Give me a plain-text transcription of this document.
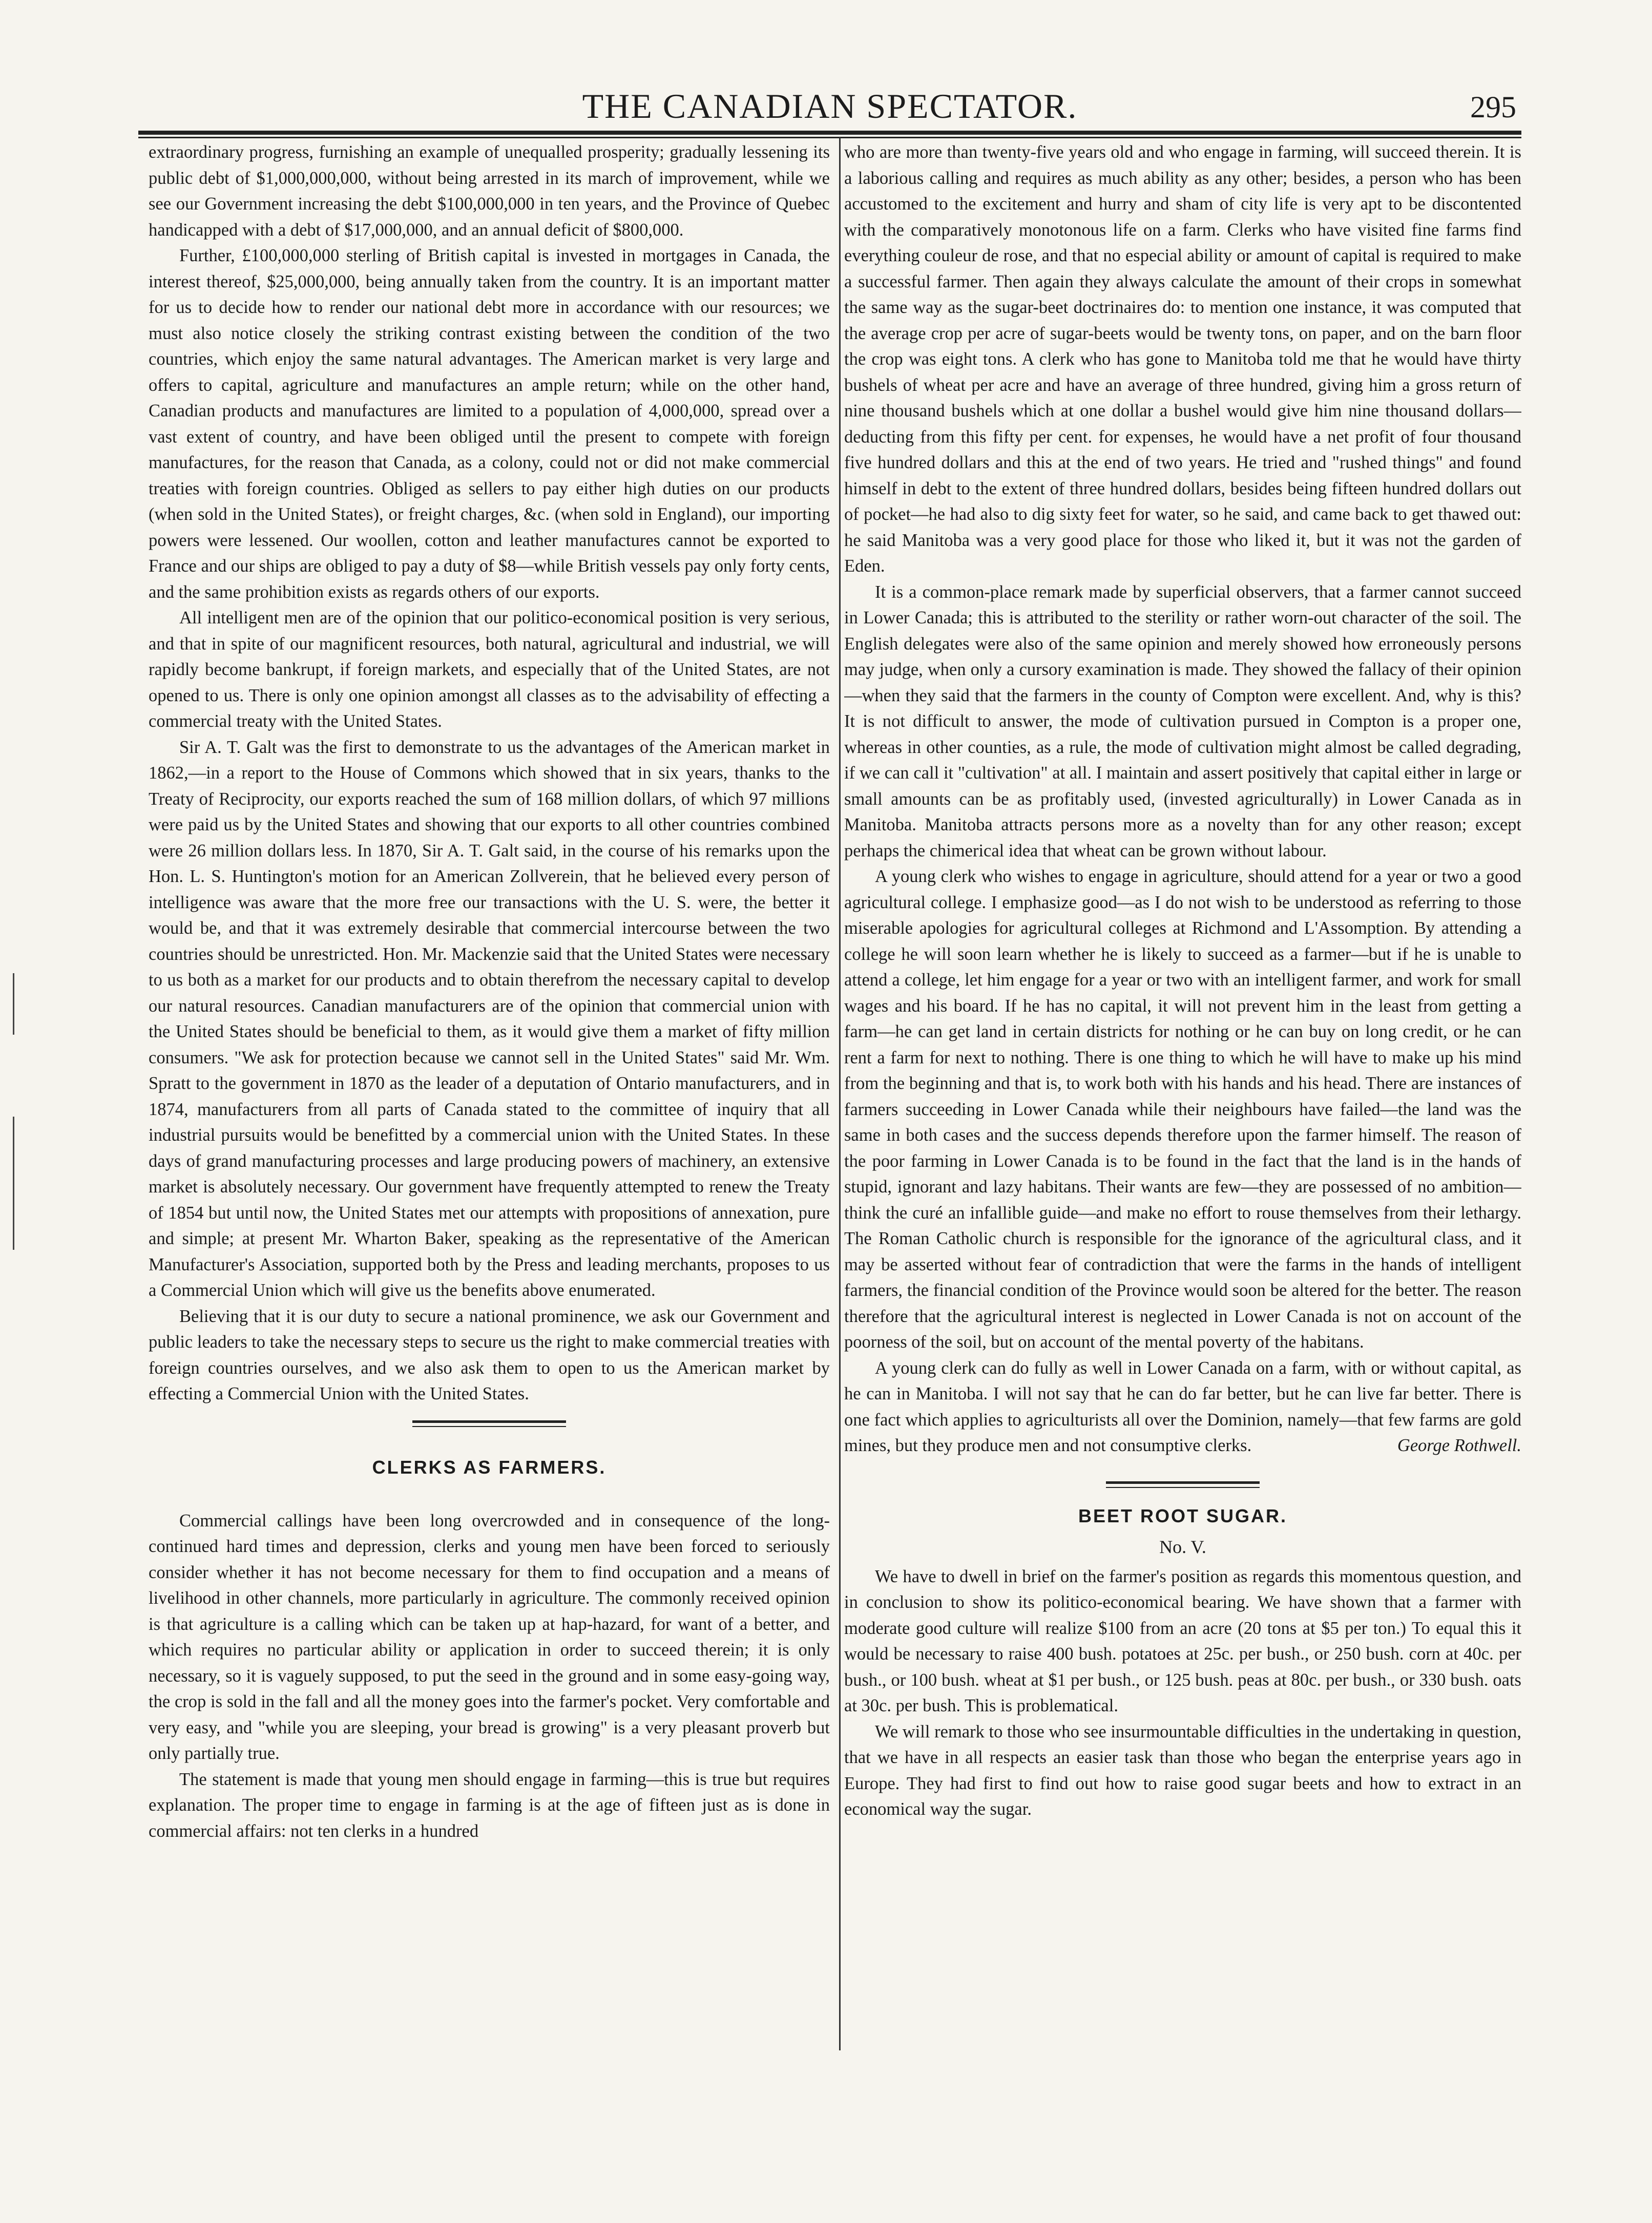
THE CANADIAN SPECTATOR.	295

extraordinary progress, furnishing an example of unequalled prosperity; gradually lessening its public debt of $1,000,000,000, without being arrested in its march of improvement, while we see our Government increasing the debt $100,000,000 in ten years, and the Province of Quebec handicapped with a debt of $17,000,000, and an annual deficit of $800,000.

Further, £100,000,000 sterling of British capital is invested in mortgages in Canada, the interest thereof, $25,000,000, being annually taken from the country. It is an important matter for us to decide how to render our national debt more in accordance with our resources; we must also notice closely the striking contrast existing between the condition of the two countries, which enjoy the same natural advantages. The American market is very large and offers to capital, agriculture and manufactures an ample return; while on the other hand, Canadian products and manufactures are limited to a population of 4,000,000, spread over a vast extent of country, and have been obliged until the present to compete with foreign manufactures, for the reason that Canada, as a colony, could not or did not make commercial treaties with foreign countries. Obliged as sellers to pay either high duties on our products (when sold in the United States), or freight charges, &c. (when sold in England), our importing powers were lessened. Our woollen, cotton and leather manufactures cannot be exported to France and our ships are obliged to pay a duty of $8—while British vessels pay only forty cents, and the same prohibition exists as regards others of our exports.

All intelligent men are of the opinion that our politico-economical position is very serious, and that in spite of our magnificent resources, both natural, agricultural and industrial, we will rapidly become bankrupt, if foreign markets, and especially that of the United States, are not opened to us. There is only one opinion amongst all classes as to the advisability of effecting a commercial treaty with the United States.

Sir A. T. Galt was the first to demonstrate to us the advantages of the American market in 1862,—in a report to the House of Commons which showed that in six years, thanks to the Treaty of Reciprocity, our exports reached the sum of 168 million dollars, of which 97 millions were paid us by the United States and showing that our exports to all other countries combined were 26 million dollars less. In 1870, Sir A. T. Galt said, in the course of his remarks upon the Hon. L. S. Huntington's motion for an American Zollverein, that he believed every person of intelligence was aware that the more free our transactions with the U. S. were, the better it would be, and that it was extremely desirable that commercial intercourse between the two countries should be unrestricted. Hon. Mr. Mackenzie said that the United States were necessary to us both as a market for our products and to obtain therefrom the necessary capital to develop our natural resources. Canadian manufacturers are of the opinion that commercial union with the United States should be beneficial to them, as it would give them a market of fifty million consumers. "We ask for protection because we cannot sell in the United States" said Mr. Wm. Spratt to the government in 1870 as the leader of a deputation of Ontario manufacturers, and in 1874, manufacturers from all parts of Canada stated to the committee of inquiry that all industrial pursuits would be benefitted by a commercial union with the United States. In these days of grand manufacturing processes and large producing powers of machinery, an extensive market is absolutely necessary. Our government have frequently attempted to renew the Treaty of 1854 but until now, the United States met our attempts with propositions of annexation, pure and simple; at present Mr. Wharton Baker, speaking as the representative of the American Manufacturer's Association, supported both by the Press and leading merchants, proposes to us a Commercial Union which will give us the benefits above enumerated.

Believing that it is our duty to secure a national prominence, we ask our Government and public leaders to take the necessary steps to secure us the right to make commercial treaties with foreign countries ourselves, and we also ask them to open to us the American market by effecting a Commercial Union with the United States.

CLERKS AS FARMERS.

Commercial callings have been long overcrowded and in consequence of the long-continued hard times and depression, clerks and young men have been forced to seriously consider whether it has not become necessary for them to find occupation and a means of livelihood in other channels, more particularly in agriculture. The commonly received opinion is that agriculture is a calling which can be taken up at hap-hazard, for want of a better, and which requires no particular ability or application in order to succeed therein; it is only necessary, so it is vaguely supposed, to put the seed in the ground and in some easy-going way, the crop is sold in the fall and all the money goes into the farmer's pocket. Very comfortable and very easy, and "while you are sleeping, your bread is growing" is a very pleasant proverb but only partially true.

The statement is made that young men should engage in farming—this is true but requires explanation. The proper time to engage in farming is at the age of fifteen just as is done in commercial affairs: not ten clerks in a hundred

who are more than twenty-five years old and who engage in farming, will succeed therein. It is a laborious calling and requires as much ability as any other; besides, a person who has been accustomed to the excitement and hurry and sham of city life is very apt to be discontented with the comparatively monotonous life on a farm. Clerks who have visited fine farms find everything couleur de rose, and that no especial ability or amount of capital is required to make a successful farmer. Then again they always calculate the amount of their crops in somewhat the same way as the sugar-beet doctrinaires do: to mention one instance, it was computed that the average crop per acre of sugar-beets would be twenty tons, on paper, and on the barn floor the crop was eight tons. A clerk who has gone to Manitoba told me that he would have thirty bushels of wheat per acre and have an average of three hundred, giving him a gross return of nine thousand bushels which at one dollar a bushel would give him nine thousand dollars—deducting from this fifty per cent. for expenses, he would have a net profit of four thousand five hundred dollars and this at the end of two years. He tried and "rushed things" and found himself in debt to the extent of three hundred dollars, besides being fifteen hundred dollars out of pocket—he had also to dig sixty feet for water, so he said, and came back to get thawed out: he said Manitoba was a very good place for those who liked it, but it was not the garden of Eden.

It is a common-place remark made by superficial observers, that a farmer cannot succeed in Lower Canada; this is attributed to the sterility or rather worn-out character of the soil. The English delegates were also of the same opinion and merely showed how erroneously persons may judge, when only a cursory examination is made. They showed the fallacy of their opinion—when they said that the farmers in the county of Compton were excellent. And, why is this? It is not difficult to answer, the mode of cultivation pursued in Compton is a proper one, whereas in other counties, as a rule, the mode of cultivation might almost be called degrading, if we can call it "cultivation" at all. I maintain and assert positively that capital either in large or small amounts can be as profitably used, (invested agriculturally) in Lower Canada as in Manitoba. Manitoba attracts persons more as a novelty than for any other reason; except perhaps the chimerical idea that wheat can be grown without labour.

A young clerk who wishes to engage in agriculture, should attend for a year or two a good agricultural college. I emphasize good—as I do not wish to be understood as referring to those miserable apologies for agricultural colleges at Richmond and L'Assomption. By attending a college he will soon learn whether he is likely to succeed as a farmer—but if he is unable to attend a college, let him engage for a year or two with an intelligent farmer, and work for small wages and his board. If he has no capital, it will not prevent him in the least from getting a farm—he can get land in certain districts for nothing or he can buy on long credit, or he can rent a farm for next to nothing. There is one thing to which he will have to make up his mind from the beginning and that is, to work both with his hands and his head. There are instances of farmers succeeding in Lower Canada while their neighbours have failed—the land was the same in both cases and the success depends therefore upon the farmer himself. The reason of the poor farming in Lower Canada is to be found in the fact that the land is in the hands of stupid, ignorant and lazy habitans. Their wants are few—they are possessed of no ambition—think the curé an infallible guide—and make no effort to rouse themselves from their lethargy. The Roman Catholic church is responsible for the ignorance of the agricultural class, and it may be asserted without fear of contradiction that were the farms in the hands of intelligent farmers, the financial condition of the Province would soon be altered for the better. The reason therefore that the agricultural interest is neglected in Lower Canada is not on account of the poorness of the soil, but on account of the mental poverty of the habitans.

A young clerk can do fully as well in Lower Canada on a farm, with or without capital, as he can in Manitoba. I will not say that he can do far better, but he can live far better. There is one fact which applies to agriculturists all over the Dominion, namely—that few farms are gold mines, but they produce men and not consumptive clerks.	George Rothwell.

BEET ROOT SUGAR.
No. V.

We have to dwell in brief on the farmer's position as regards this momentous question, and in conclusion to show its politico-economical bearing. We have shown that a farmer with moderate good culture will realize $100 from an acre (20 tons at $5 per ton.) To equal this it would be necessary to raise 400 bush. potatoes at 25c. per bush., or 250 bush. corn at 40c. per bush., or 100 bush. wheat at $1 per bush., or 125 bush. peas at 80c. per bush., or 330 bush. oats at 30c. per bush. This is problematical.

We will remark to those who see insurmountable difficulties in the undertaking in question, that we have in all respects an easier task than those who began the enterprise years ago in Europe. They had first to find out how to raise good sugar beets and how to extract in an economical way the sugar.
